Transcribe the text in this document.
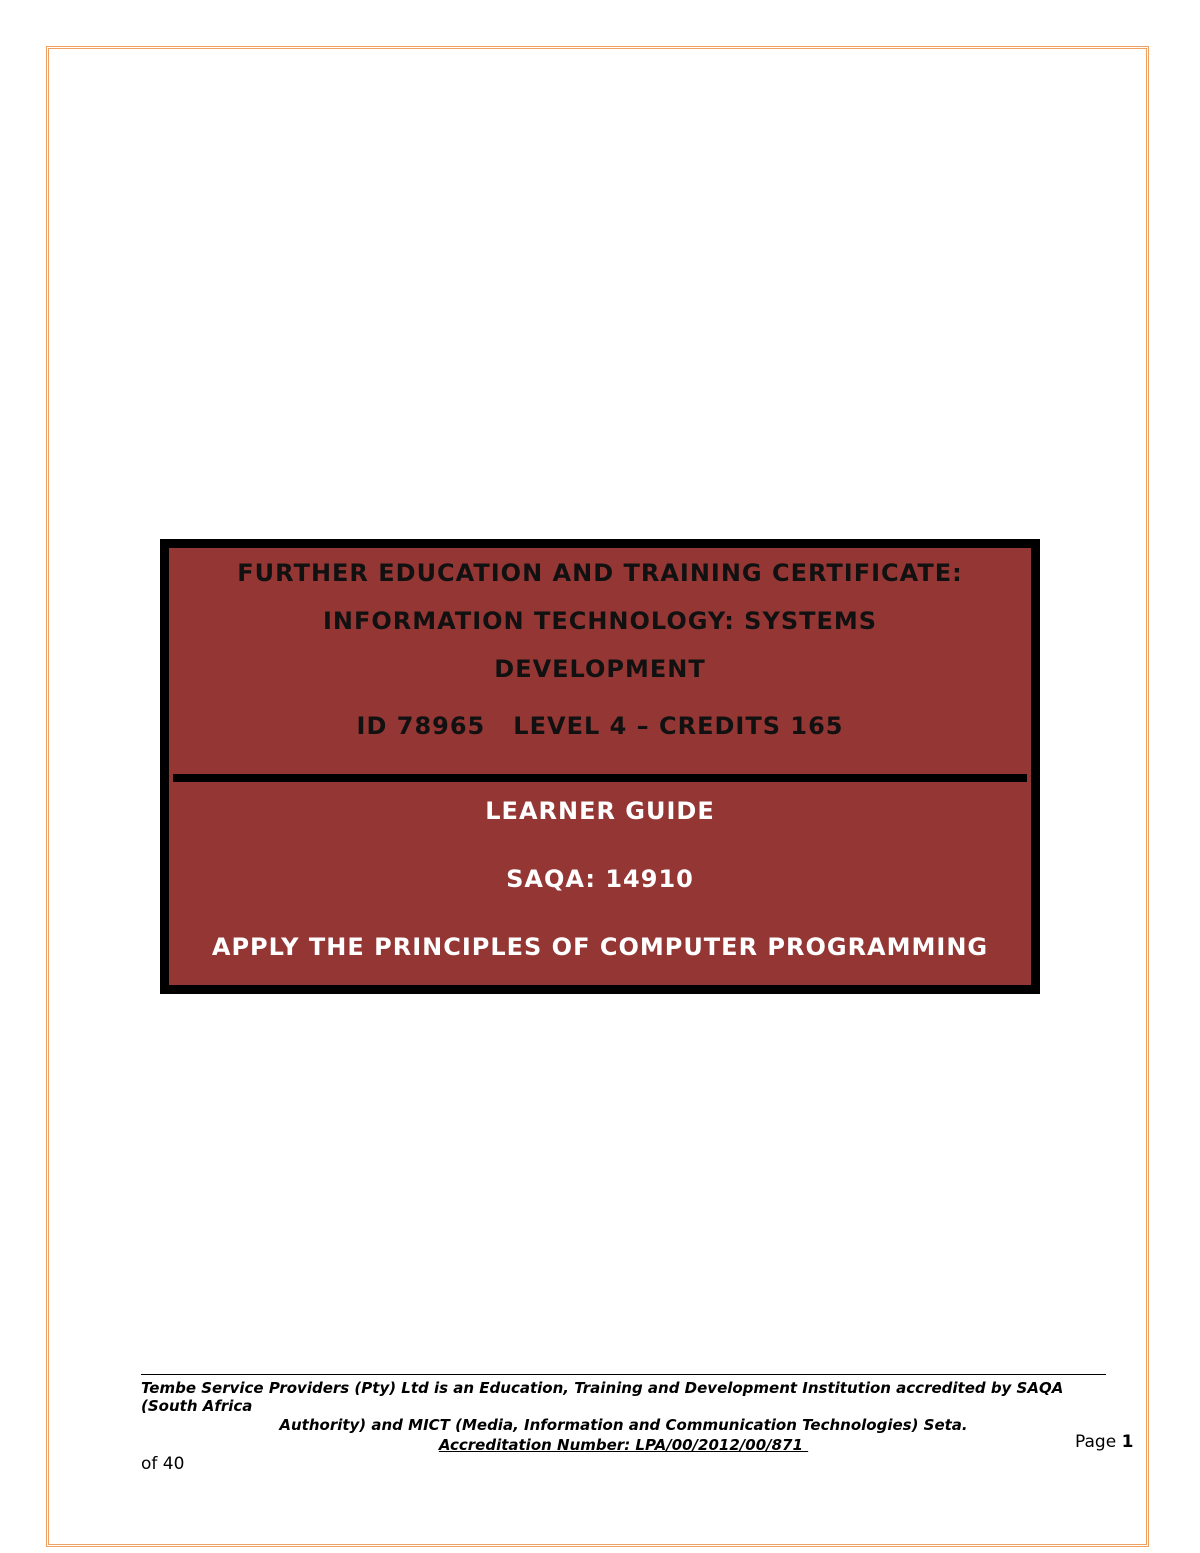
FURTHER EDUCATION AND TRAINING CERTIFICATE:
INFORMATION TECHNOLOGY: SYSTEMS
DEVELOPMENT
ID 78965   LEVEL 4 – CREDITS 165
LEARNER GUIDE
SAQA: 14910
APPLY THE PRINCIPLES OF COMPUTER PROGRAMMING
Tembe Service Providers (Pty) Ltd is an Education, Training and Development Institution accredited by SAQA (South Africa
Authority) and MICT (Media, Information and Communication Technologies) Seta.
Accreditation Number: LPA/00/2012/00/871	Page 1
of 40
